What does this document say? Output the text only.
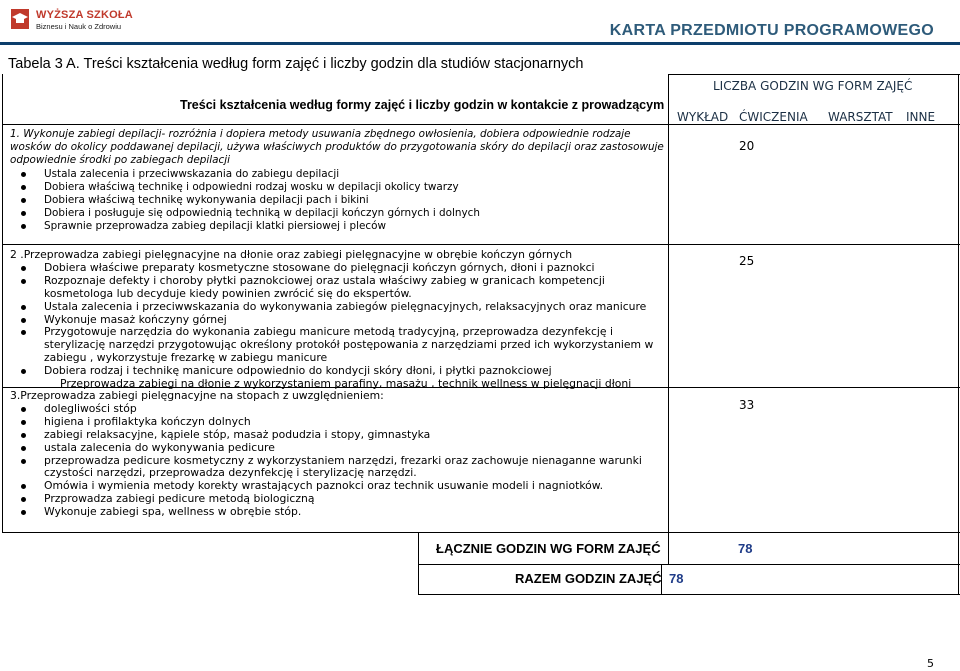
WYŻSZA SZKOŁA
Biznesu i Nauk o Zdrowiu	KARTA PRZEDMIOTU PROGRAMOWEGO
Tabela 3 A. Treści kształcenia według form zajęć i liczby godzin dla studiów stacjonarnych
Treści kształcenia według formy zajęć i liczby godzin w kontakcie z prowadzącym
LICZBA GODZIN WG FORM ZAJĘĆ
WYKŁAD ĆWICZENIA WARSZTAT INNE

1. Wykonuje zabiegi depilacji- rozróżnia i dopiera metody usuwania zbędnego owłosienia, dobiera odpowiednie rodzaje wosków do okolicy poddawanej depilacji, używa właściwych produktów do przygotowania skóry do depilacji oraz zastosowuje odpowiednie środki po zabiegach depilacji

Ustala zalecenia i przeciwwskazania do zabiegu depilacji
Dobiera właściwą technikę i odpowiedni rodzaj wosku w depilacji okolicy twarzy
Dobiera właściwą technikę wykonywania depilacji pach i bikini
Dobiera i posługuje się odpowiednią techniką w depilacji kończyn górnych i dolnych
Sprawnie przeprowadza zabieg depilacji klatki piersiowej i pleców
20

2 .Przeprowadza zabiegi pielęgnacyjne na dłonie oraz zabiegi pielęgnacyjne w obrębie kończyn górnych

Dobiera właściwe preparaty kosmetyczne stosowane do pielęgnacji kończyn górnych, dłoni i paznokci
Rozpoznaje defekty i choroby płytki paznokciowej oraz ustala właściwy zabieg w granicach kompetencji kosmetologa lub decyduje kiedy powinien zwrócić się do ekspertów.
Ustala zalecenia i przeciwwskazania do wykonywania zabiegów pielęgnacyjnych, relaksacyjnych oraz manicure
Wykonuje masaż kończyny górnej
Przygotowuje narzędzia do wykonania zabiegu manicure metodą tradycyjną, przeprowadza dezynfekcję i sterylizację narzędzi przygotowując określony protokół postępowania z narzędziami przed ich wykorzystaniem w zabiegu , wykorzystuje frezarkę w zabiegu manicure
Dobiera rodzaj i technikę manicure odpowiednio do kondycji skóry dłoni, i płytki paznokciowej

Przeprowadza zabiegi na dłonie z wykorzystaniem parafiny, masażu , technik wellness w pielęgnacji dłoni

25

3.Przeprowadza zabiegi pielęgnacyjne na stopach z uwzględnieniem:

dolegliwości stóp
higiena i profilaktyka kończyn dolnych
zabiegi relaksacyjne, kąpiele stóp, masaż podudzia i stopy, gimnastyka
ustala zalecenia do wykonywania pedicure
przeprowadza pedicure kosmetyczny z wykorzystaniem narzędzi, frezarki oraz zachowuje nienaganne warunki czystości narzędzi, przeprowadza dezynfekcję i sterylizację narzędzi.
Omówia i wymienia metody korekty wrastających paznokci oraz technik usuwanie modeli i nagniotków.
Przprowadza zabiegi pedicure metodą biologiczną
Wykonuje zabiegi spa, wellness w obrębie stóp.
33
ŁĄCZNIE GODZIN WG FORM ZAJĘĆ	78
RAZEM GODZIN ZAJĘĆ 78
5
